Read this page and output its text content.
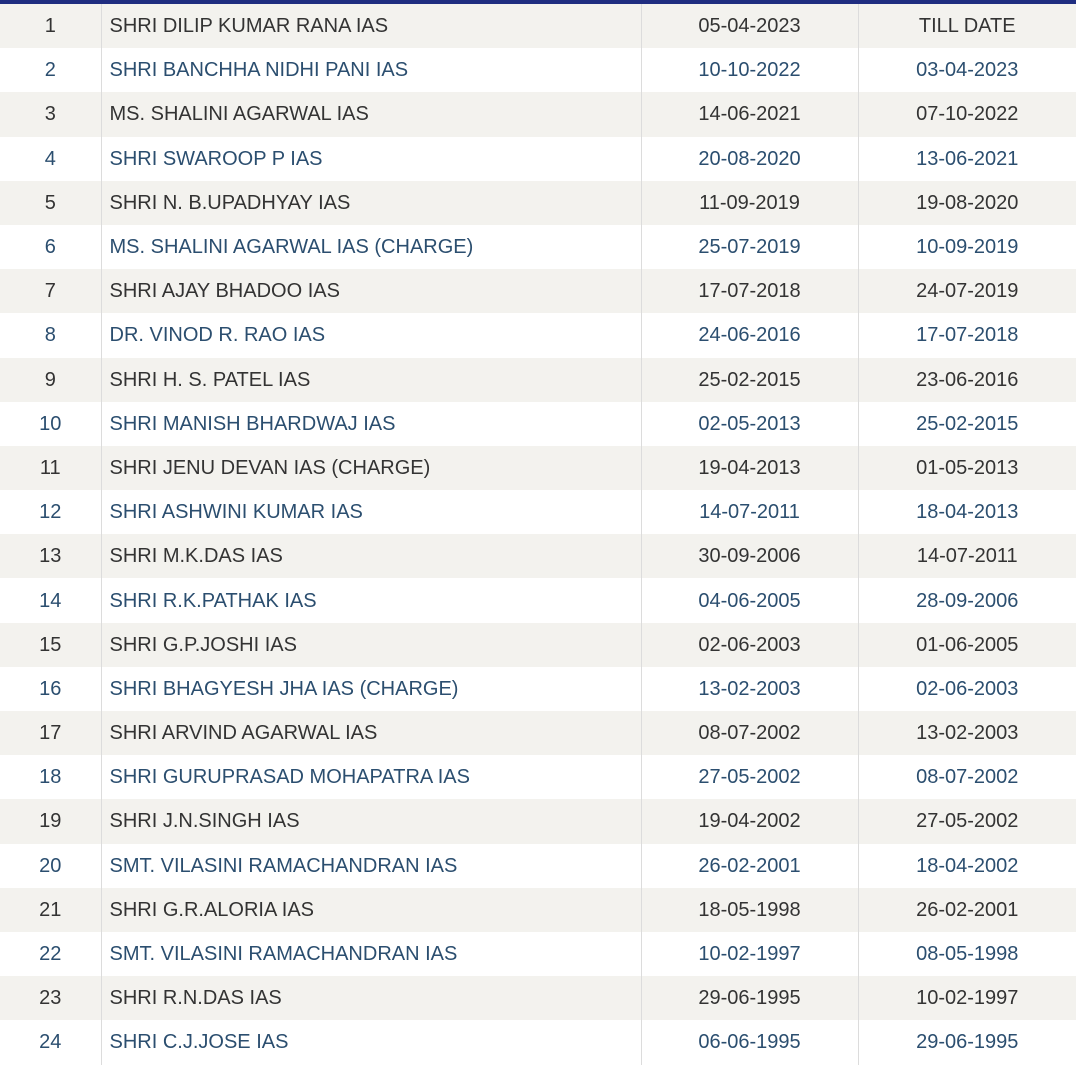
1	SHRI DILIP KUMAR RANA IAS	05-04-2023	TILL DATE
2	SHRI BANCHHA NIDHI PANI IAS	10-10-2022	03-04-2023
3	MS. SHALINI AGARWAL IAS	14-06-2021	07-10-2022
4	SHRI SWAROOP P IAS	20-08-2020	13-06-2021
5	SHRI N. B.UPADHYAY IAS	11-09-2019	19-08-2020
6	MS. SHALINI AGARWAL IAS (CHARGE)	25-07-2019	10-09-2019
7	SHRI AJAY BHADOO IAS	17-07-2018	24-07-2019
8	DR. VINOD R. RAO IAS	24-06-2016	17-07-2018
9	SHRI H. S. PATEL IAS	25-02-2015	23-06-2016
10	SHRI MANISH BHARDWAJ IAS	02-05-2013	25-02-2015
11	SHRI JENU DEVAN IAS (CHARGE)	19-04-2013	01-05-2013
12	SHRI ASHWINI KUMAR IAS	14-07-2011	18-04-2013
13	SHRI M.K.DAS IAS	30-09-2006	14-07-2011
14	SHRI R.K.PATHAK IAS	04-06-2005	28-09-2006
15	SHRI G.P.JOSHI IAS	02-06-2003	01-06-2005
16	SHRI BHAGYESH JHA IAS (CHARGE)	13-02-2003	02-06-2003
17	SHRI ARVIND AGARWAL IAS	08-07-2002	13-02-2003
18	SHRI GURUPRASAD MOHAPATRA IAS	27-05-2002	08-07-2002
19	SHRI J.N.SINGH IAS	19-04-2002	27-05-2002
20	SMT. VILASINI RAMACHANDRAN IAS	26-02-2001	18-04-2002
21	SHRI G.R.ALORIA IAS	18-05-1998	26-02-2001
22	SMT. VILASINI RAMACHANDRAN IAS	10-02-1997	08-05-1998
23	SHRI R.N.DAS IAS	29-06-1995	10-02-1997
24	SHRI C.J.JOSE IAS	06-06-1995	29-06-1995
